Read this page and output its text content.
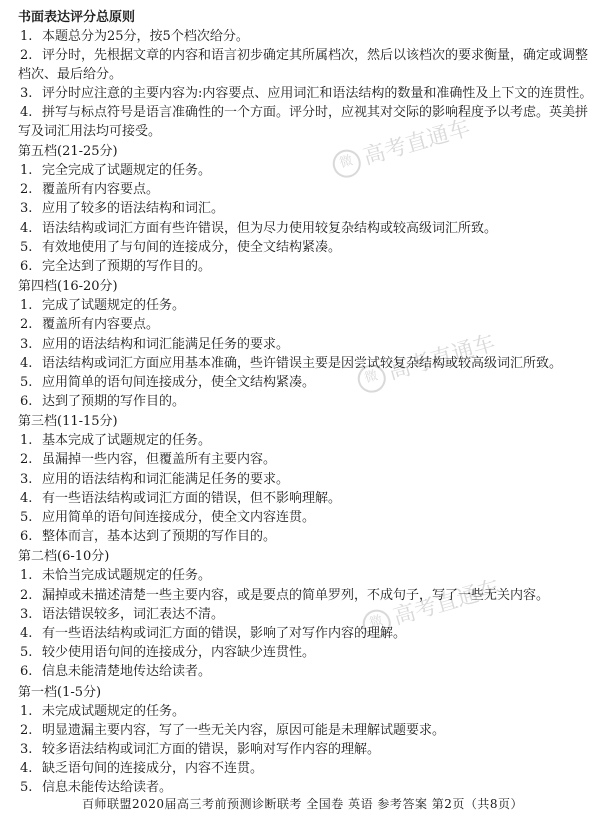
微 高考直通车
微 高考直通车
微 高考直通车
书面表达评分总原则
1. 本题总分为25分，按5个档次给分。
2. 评分时，先根据文章的内容和语言初步确定其所属档次，然后以该档次的要求衡量，确定或调整档次、最后给分。
3. 评分时应注意的主要内容为:内容要点、应用词汇和语法结构的数量和准确性及上下文的连贯性。
4. 拼写与标点符号是语言准确性的一个方面。评分时，应视其对交际的影响程度予以考虑。英美拼写及词汇用法均可接受。
第五档(21-25分)
1. 完全完成了试题规定的任务。
2. 覆盖所有内容要点。
3. 应用了较多的语法结构和词汇。
4. 语法结构或词汇方面有些许错误，但为尽力使用较复杂结构或较高级词汇所致。
5. 有效地使用了与句间的连接成分，使全文结构紧凑。
6. 完全达到了预期的写作目的。
第四档(16-20分)
1. 完成了试题规定的任务。
2. 覆盖所有内容要点。
3. 应用的语法结构和词汇能满足任务的要求。
4. 语法结构或词汇方面应用基本准确，些许错误主要是因尝试较复杂结构或较高级词汇所致。
5. 应用简单的语句间连接成分，使全文结构紧凑。
6. 达到了预期的写作目的。
第三档(11-15分)
1. 基本完成了试题规定的任务。
2. 虽漏掉一些内容，但覆盖所有主要内容。
3. 应用的语法结构和词汇能满足任务的要求。
4. 有一些语法结构或词汇方面的错误，但不影响理解。
5. 应用简单的语句间连接成分，使全文内容连贯。
6. 整体而言，基本达到了预期的写作目的。
第二档(6-10分)
1. 未恰当完成试题规定的任务。
2. 漏掉或未描述清楚一些主要内容，或是要点的简单罗列，不成句子，写了一些无关内容。
3. 语法错误较多，词汇表达不清。
4. 有一些语法结构或词汇方面的错误，影响了对写作内容的理解。
5. 较少使用语句间的连接成分，内容缺少连贯性。
6. 信息未能清楚地传达给读者。
第一档(1-5分)
1. 未完成试题规定的任务。
2. 明显遗漏主要内容，写了一些无关内容，原因可能是未理解试题要求。
3. 较多语法结构或词汇方面的错误，影响对写作内容的理解。
4. 缺乏语句间的连接成分，内容不连贯。
5. 信息未能传达给读者。
百师联盟2020届高三考前预测诊断联考 全国卷 英语 参考答案 第2页（共8页）
